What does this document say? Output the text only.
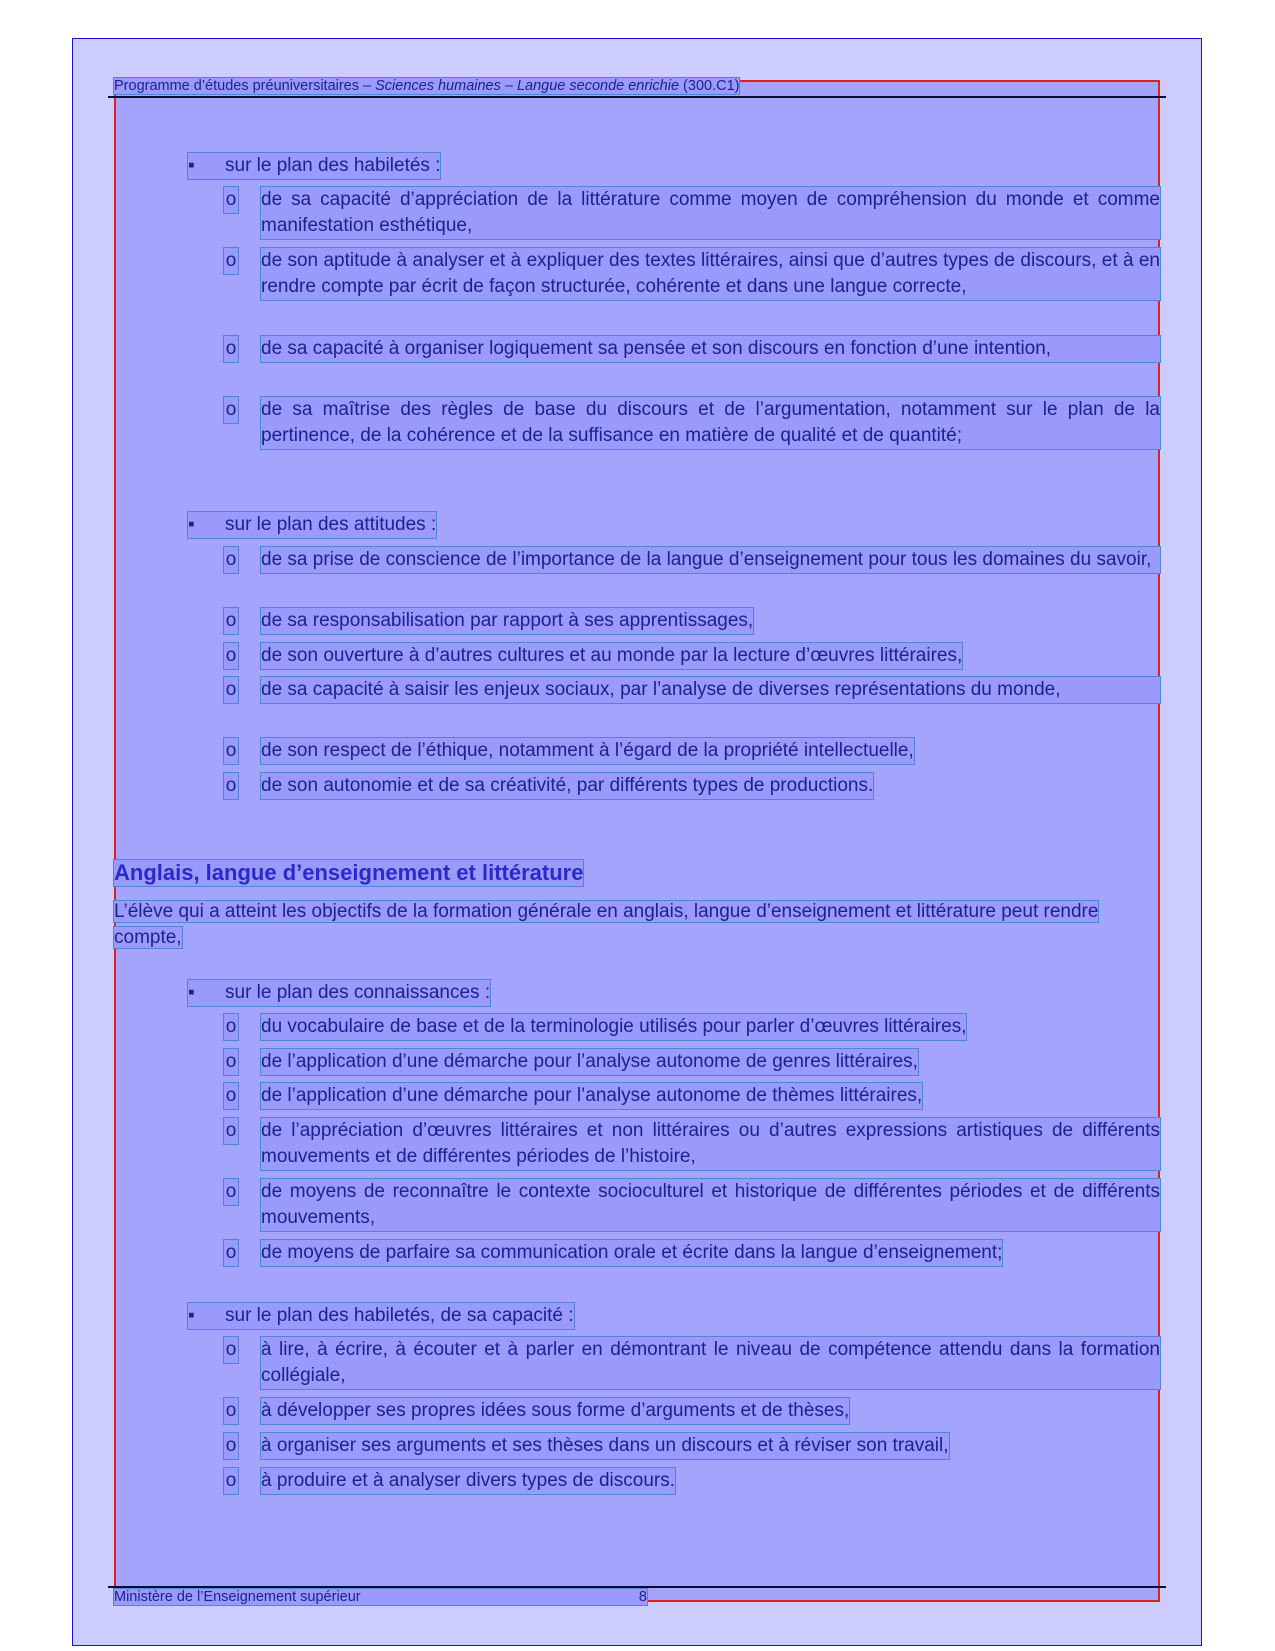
Programme d’études préuniversitaires – Sciences humaines – Langue seconde enrichie (300.C1)
▪ sur le plan des habiletés :
o de sa capacité d’appréciation de la littérature comme moyen de compréhension du monde et comme manifestation esthétique,
o de son aptitude à analyser et à expliquer des textes littéraires, ainsi que d’autres types de discours, et à en rendre compte par écrit de façon structurée, cohérente et dans une langue correcte,
o de sa capacité à organiser logiquement sa pensée et son discours en fonction d’une intention,
o de sa maîtrise des règles de base du discours et de l’argumentation, notamment sur le plan de la pertinence, de la cohérence et de la suffisance en matière de qualité et de quantité;
▪ sur le plan des attitudes :
o de sa prise de conscience de l’importance de la langue d’enseignement pour tous les domaines du savoir,
o de sa responsabilisation par rapport à ses apprentissages,
o de son ouverture à d’autres cultures et au monde par la lecture d’œuvres littéraires,
o de sa capacité à saisir les enjeux sociaux, par l’analyse de diverses représentations du monde,
o de son respect de l’éthique, notamment à l’égard de la propriété intellectuelle,
o de son autonomie et de sa créativité, par différents types de productions.
Anglais, langue d’enseignement et littérature
L’élève qui a atteint les objectifs de la formation générale en anglais, langue d’enseignement et littérature peut rendre compte,
▪ sur le plan des connaissances :
o du vocabulaire de base et de la terminologie utilisés pour parler d’œuvres littéraires,
o de l’application d’une démarche pour l’analyse autonome de genres littéraires,
o de l’application d’une démarche pour l’analyse autonome de thèmes littéraires,
o de l’appréciation d’œuvres littéraires et non littéraires ou d’autres expressions artistiques de différents mouvements et de différentes périodes de l’histoire,
o de moyens de reconnaître le contexte socioculturel et historique de différentes périodes et de différents mouvements,
o de moyens de parfaire sa communication orale et écrite dans la langue d’enseignement;
▪ sur le plan des habiletés, de sa capacité :
o à lire, à écrire, à écouter et à parler en démontrant le niveau de compétence attendu dans la formation collégiale,
o à développer ses propres idées sous forme d’arguments et de thèses,
o à organiser ses arguments et ses thèses dans un discours et à réviser son travail,
o à produire et à analyser divers types de discours.
Ministère de l’Enseignement supérieur	8
